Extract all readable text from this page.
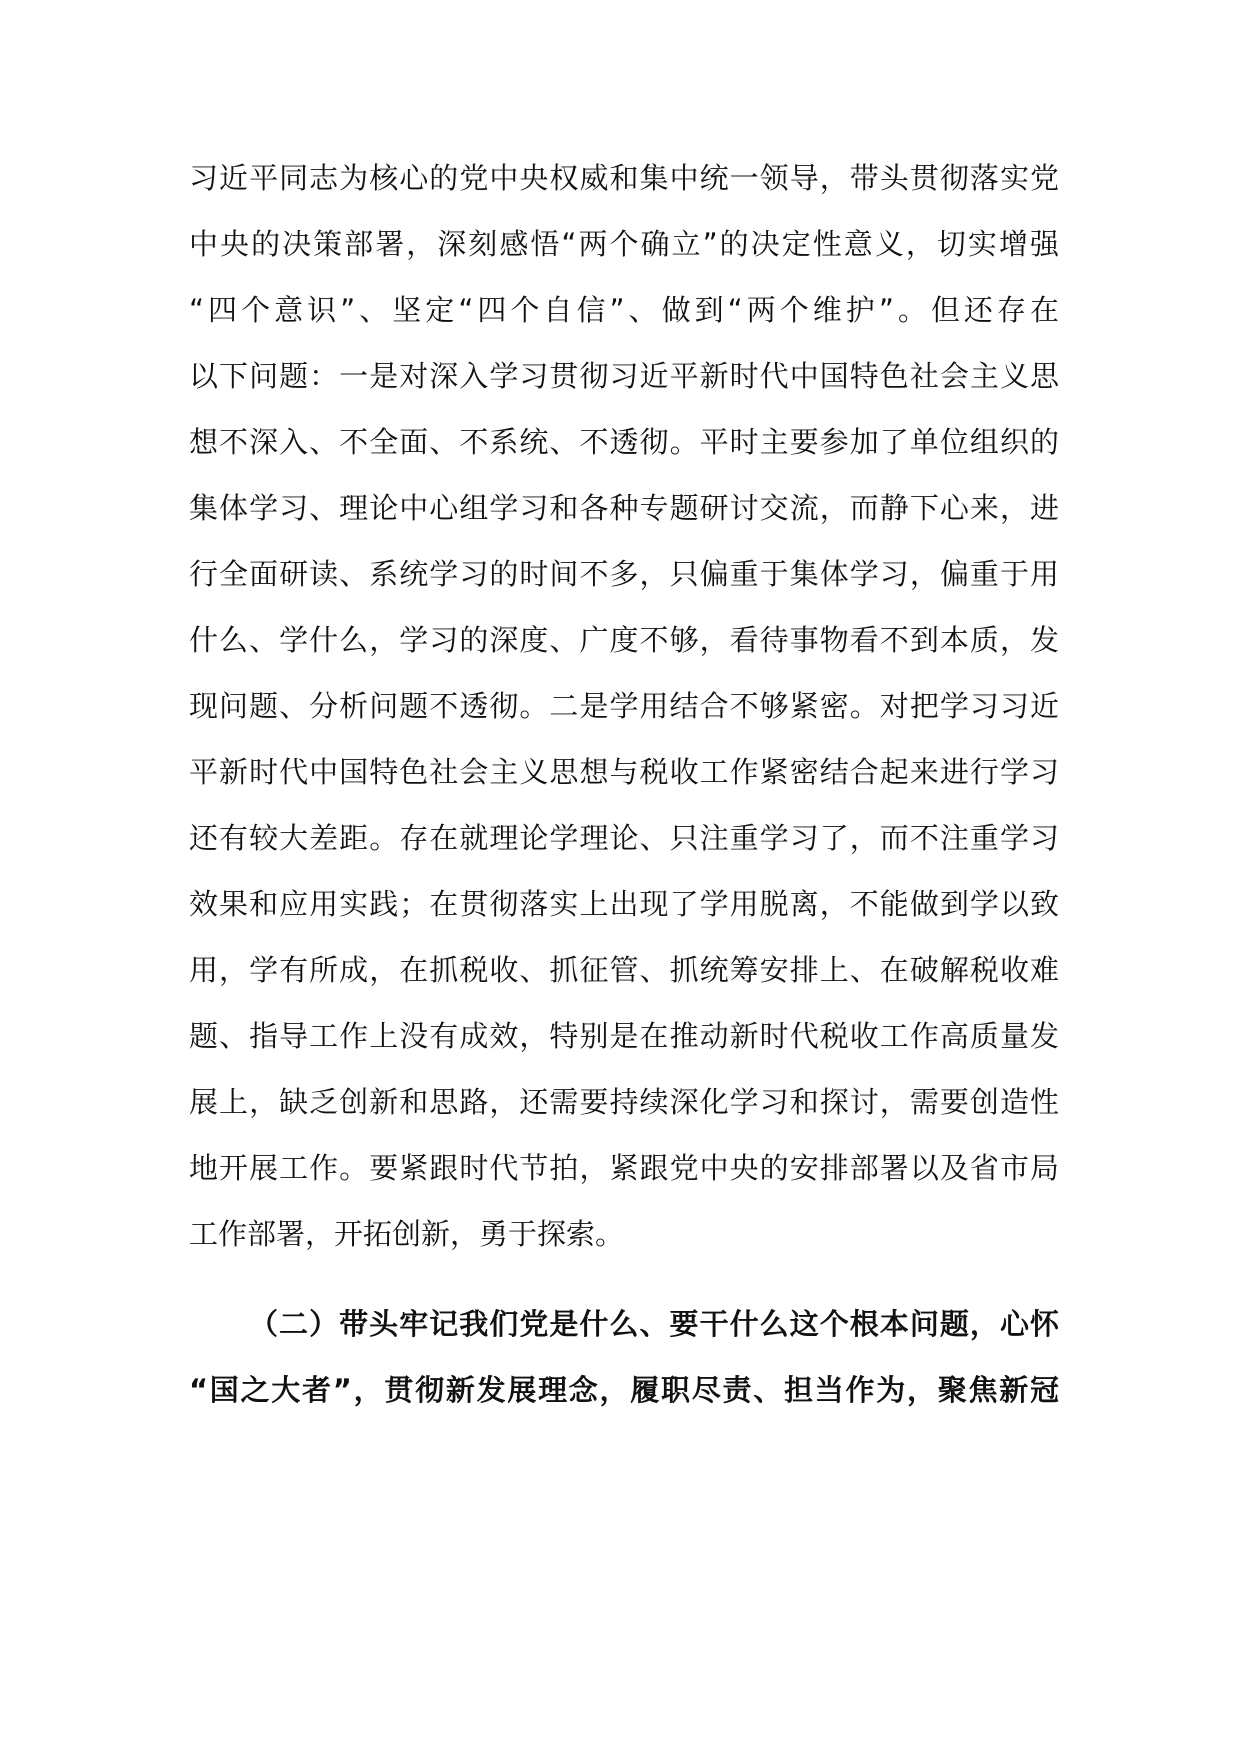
习近平同志为核心的党中央权威和集中统一领导，带头贯彻落实党
中央的决策部署，深刻感悟“两个确立”的决定性意义，切实增强
“四个意识”、坚定“四个自信”、做到“两个维护”。但还存在
以下问题：一是对深入学习贯彻习近平新时代中国特色社会主义思
想不深入、不全面、不系统、不透彻。平时主要参加了单位组织的
集体学习、理论中心组学习和各种专题研讨交流，而静下心来，进
行全面研读、系统学习的时间不多，只偏重于集体学习，偏重于用
什么、学什么，学习的深度、广度不够，看待事物看不到本质，发
现问题、分析问题不透彻。二是学用结合不够紧密。对把学习习近
平新时代中国特色社会主义思想与税收工作紧密结合起来进行学习
还有较大差距。存在就理论学理论、只注重学习了，而不注重学习
效果和应用实践；在贯彻落实上出现了学用脱离，不能做到学以致
用，学有所成，在抓税收、抓征管、抓统筹安排上、在破解税收难
题、指导工作上没有成效，特别是在推动新时代税收工作高质量发
展上，缺乏创新和思路，还需要持续深化学习和探讨，需要创造性
地开展工作。要紧跟时代节拍，紧跟党中央的安排部署以及省市局
工作部署，开拓创新，勇于探索。
（二）带头牢记我们党是什么、要干什么这个根本问题，心怀
“国之大者”，贯彻新发展理念，履职尽责、担当作为，聚焦新冠
